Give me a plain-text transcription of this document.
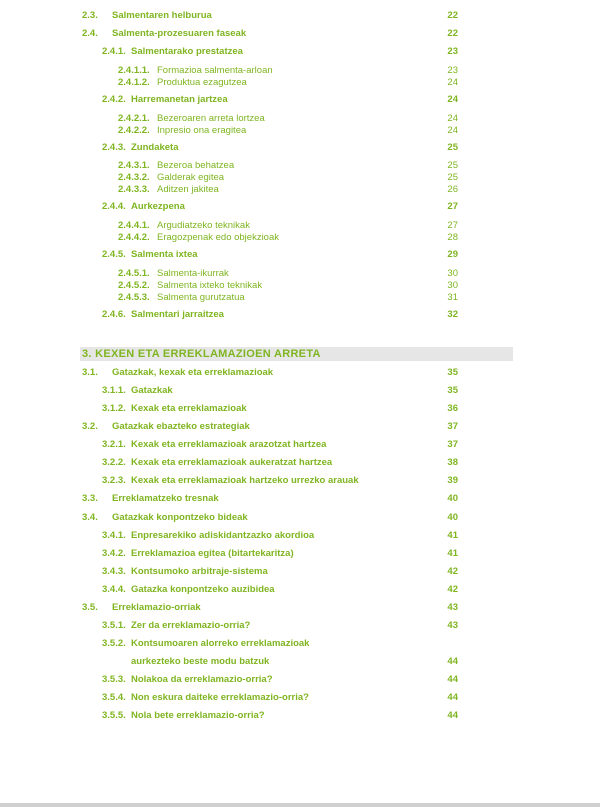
2.3. Salmentaren helburua	22
2.4. Salmenta-prozesuaren faseak	22
2.4.1. Salmentarako prestatzea	23
2.4.1.1. Formazioa salmenta-arloan	23
2.4.1.2. Produktua ezagutzea	24
2.4.2. Harremanetan jartzea	24
2.4.2.1. Bezeroaren arreta lortzea	24
2.4.2.2. Inpresio ona eragitea	24
2.4.3. Zundaketa	25
2.4.3.1. Bezeroa behatzea	25
2.4.3.2. Galderak egitea	25
2.4.3.3. Aditzen jakitea	26
2.4.4. Aurkezpena	27
2.4.4.1. Argudiatzeko teknikak	27
2.4.4.2. Eragozpenak edo objekzioak	28
2.4.5. Salmenta ixtea	29
2.4.5.1. Salmenta-ikurrak	30
2.4.5.2. Salmenta ixteko teknikak	30
2.4.5.3. Salmenta gurutzatua	31
2.4.6. Salmentari jarraitzea	32
3. KEXEN ETA ERREKLAMAZIOEN ARRETA
3.1. Gatazkak, kexak eta erreklamazioak	35
3.1.1. Gatazkak	35
3.1.2. Kexak eta erreklamazioak	36
3.2. Gatazkak ebazteko estrategiak	37
3.2.1. Kexak eta erreklamazioak arazotzat hartzea	37
3.2.2. Kexak eta erreklamazioak aukeratzat hartzea	38
3.2.3. Kexak eta erreklamazioak hartzeko urrezko arauak	39
3.3. Erreklamatzeko tresnak	40
3.4. Gatazkak konpontzeko bideak	40
3.4.1. Enpresarekiko adiskidantzazko akordioa	41
3.4.2. Erreklamazioa egitea (bitartekaritza)	41
3.4.3. Kontsumoko arbitraje-sistema	42
3.4.4. Gatazka konpontzeko auzibidea	42
3.5. Erreklamazio-orriak	43
3.5.1. Zer da erreklamazio-orria?	43
3.5.2. Kontsumoaren alorreko erreklamazioak
aurkezteko beste modu batzuk	44
3.5.3. Nolakoa da erreklamazio-orria?	44
3.5.4. Non eskura daiteke erreklamazio-orria?	44
3.5.5. Nola bete erreklamazio-orria?	44
